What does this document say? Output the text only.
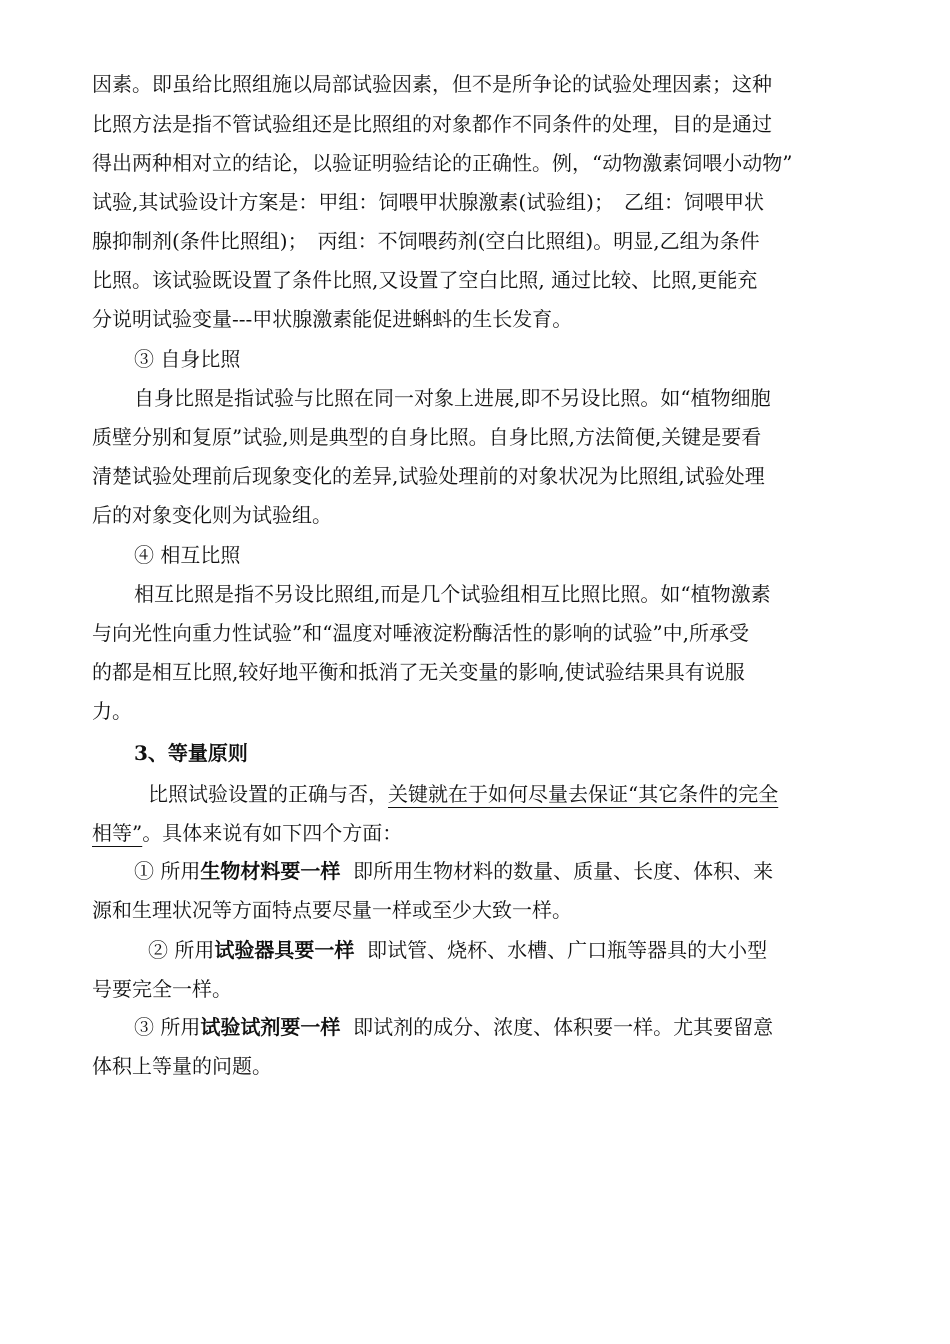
因素。即虽给比照组施以局部试验因素，但不是所争论的试验处理因素；这种
比照方法是指不管试验组还是比照组的对象都作不同条件的处理，目的是通过
得出两种相对立的结论，以验证明验结论的正确性。例，“动物激素饲喂小动物”
试验,其试验设计方案是：甲组：饲喂甲状腺激素(试验组)；　乙组：饲喂甲状
腺抑制剂(条件比照组)；　丙组：不饲喂药剂(空白比照组)。明显,乙组为条件
比照。该试验既设置了条件比照,又设置了空白比照, 通过比较、比照,更能充
分说明试验变量---甲状腺激素能促进蝌蚪的生长发育。
③ 自身比照
自身比照是指试验与比照在同一对象上进展,即不另设比照。如“植物细胞
质壁分别和复原”试验,则是典型的自身比照。自身比照,方法简便,关键是要看
清楚试验处理前后现象变化的差异,试验处理前的对象状况为比照组,试验处理
后的对象变化则为试验组。
④ 相互比照
相互比照是指不另设比照组,而是几个试验组相互比照比照。如“植物激素
与向光性向重力性试验”和“温度对唾液淀粉酶活性的影响的试验”中,所承受
的都是相互比照,较好地平衡和抵消了无关变量的影响,使试验结果具有说服
力。
3、等量原则
比照试验设置的正确与否，关键就在于如何尽量去保证“其它条件的完全
相等”。具体来说有如下四个方面：
① 所用生物材料要一样  即所用生物材料的数量、质量、长度、体积、来
源和生理状况等方面特点要尽量一样或至少大致一样。
② 所用试验器具要一样  即试管、烧杯、水槽、广口瓶等器具的大小型
号要完全一样。
③ 所用试验试剂要一样  即试剂的成分、浓度、体积要一样。尤其要留意
体积上等量的问题。
